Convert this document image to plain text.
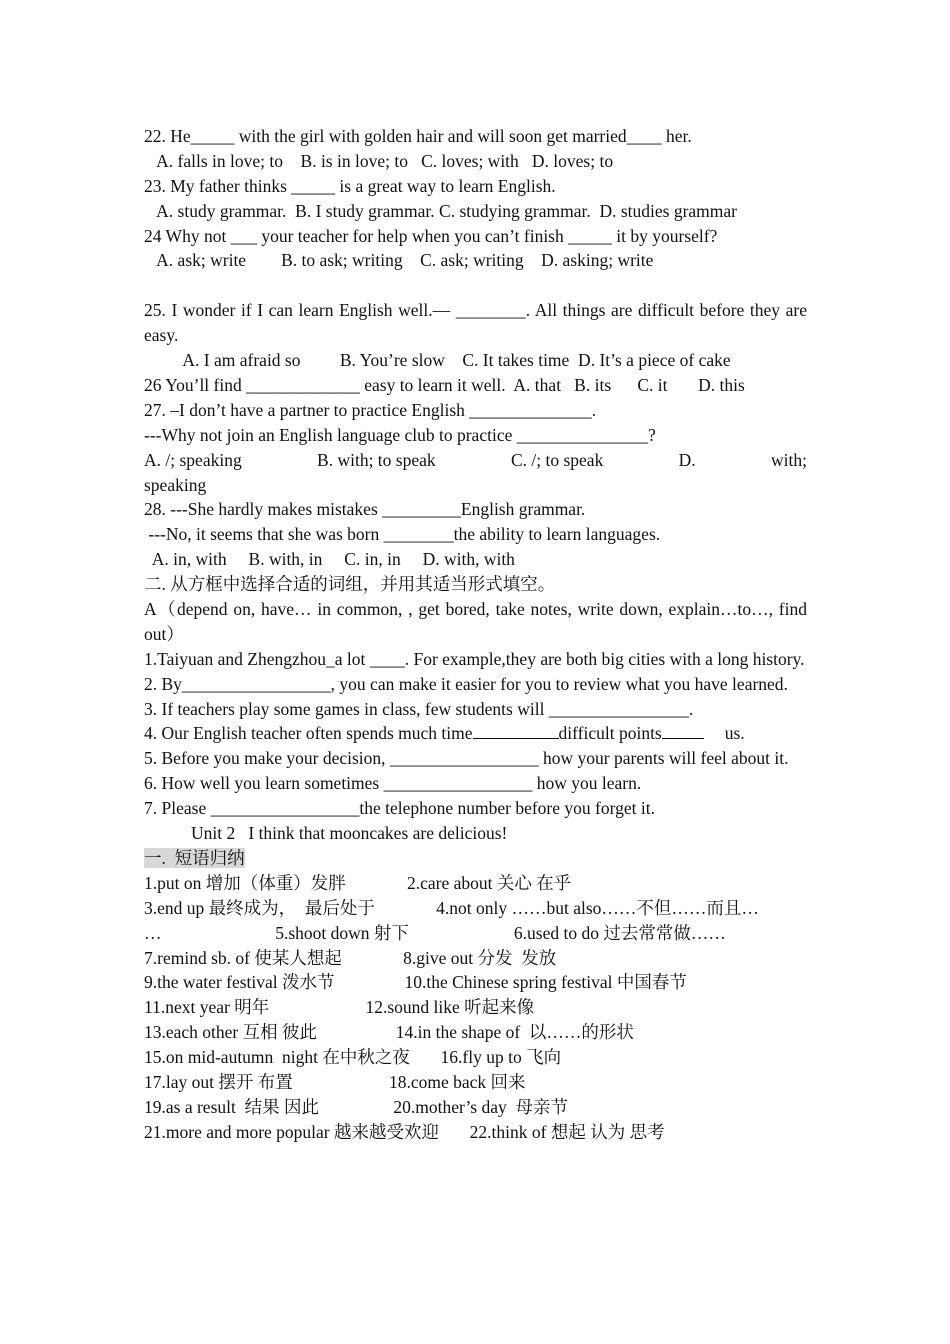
22. He_____ with the girl with golden hair and will soon get married____ her.
A. falls in love; to    B. is in love; to   C. loves; with   D. loves; to
23. My father thinks _____ is a great way to learn English.
A. study grammar.  B. I study grammar. C. studying grammar.  D. studies grammar
24 Why not ___ your teacher for help when you can’t finish _____ it by yourself?
A. ask; write        B. to ask; writing    C. ask; writing    D. asking; write
25. I wonder if I can learn English well.— ________. All things are difficult before they are easy.
A. I am afraid so         B. You’re slow    C. It takes time  D. It’s a piece of cake
26 You’ll find _____________ easy to learn it well.  A. that   B. its      C. it       D. this
27. –I don’t have a partner to practice English ______________.
---Why not join an English language club to practice _______________?
A. /; speaking	B. with; to speak	C. /; to speak	D.	with;
speaking
28. ---She hardly makes mistakes _________English grammar.
---No, it seems that she was born ________the ability to learn languages.
A. in, with     B. with, in     C. in, in     D. with, with
二. 从方框中选择合适的词组，并用其适当形式填空。
A（depend on, have… in common, , get bored, take notes, write down, explain…to…, find out）
1.Taiyuan and Zhengzhou_a lot ____. For example,they are both big cities with a long history.
2. By_________________, you can make it easier for you to review what you have learned.
3. If teachers play some games in class, few students will ________________.
4. Our English teacher often spends much time	difficult points	us.
5. Before you make your decision, _________________ how your parents will feel about it.
6. How well you learn sometimes _________________ how you learn.
7. Please _________________the telephone number before you forget it.
Unit 2   I think that mooncakes are delicious!
一.  短语归纳
1.put on 增加（体重）发胖              2.care about 关心 在乎
3.end up 最终成为，  最后处于              4.not only ……but also……不但……而且…
…                          5.shoot down 射下                        6.used to do 过去常常做……
7.remind sb. of 使某人想起              8.give out 分发  发放
9.the water festival 泼水节                10.the Chinese spring festival 中国春节
11.next year 明年                      12.sound like 听起来像
13.each other 互相 彼此                  14.in the shape of  以……的形状
15.on mid-autumn  night 在中秋之夜       16.fly up to 飞向
17.lay out 摆开 布置                      18.come back 回来
19.as a result  结果 因此                 20.mother’s day  母亲节
21.more and more popular 越来越受欢迎       22.think of 想起 认为 思考
